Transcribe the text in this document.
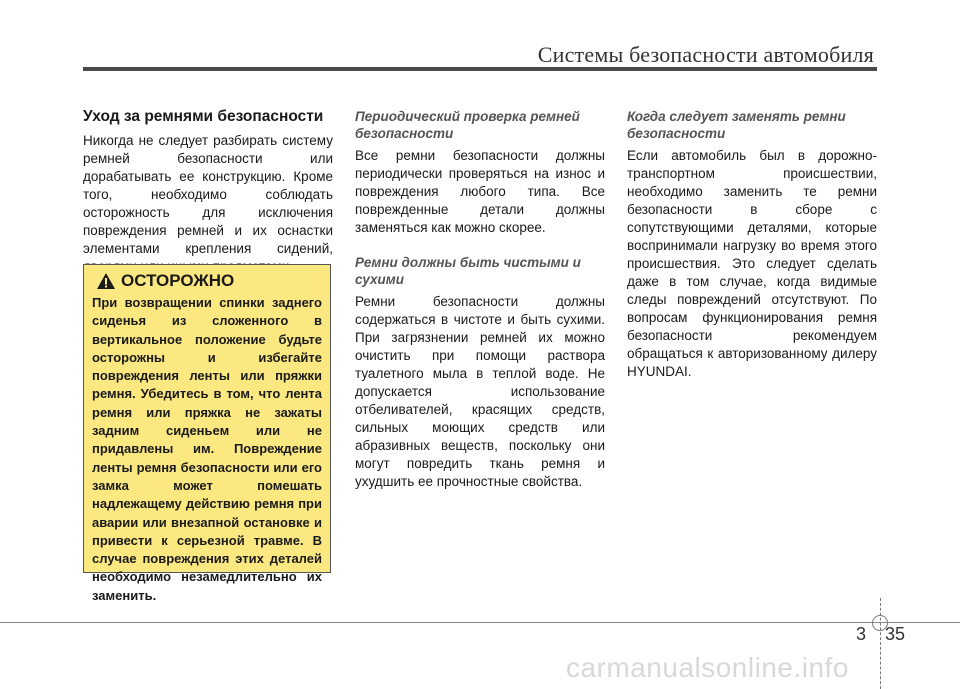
Системы безопасности автомобиля
Уход за ремнями безопасности

Никогда не следует разбирать систему ремней безопасности или дорабатывать ее конструкцию. Кроме того, необходимо соблюдать осторожность для исключения повреждения ремней и их оснастки элементами крепления сидений,

ОСТОРОЖНО

При возвращении спинки заднего сиденья из сложенного в вертикальное положение будьте осторожны и избегайте повреждения ленты или пряжки ремня. Убедитесь в том, что лента ремня или пряжка не зажаты задним сиденьем или не придавлены им. Повреждение ленты ремня безопасности или его замка может помешать надлежащему действию ремня при аварии или внезапной остановке и привести к серьезной травме. В случае повреждения этих деталей необходимо незамедлительно их заменить.

Периодический проверка ремней безопасности

Все ремни безопасности должны периодически проверяться на износ и повреждения любого типа. Все поврежденные детали должны заменяться как можно скорее.

Ремни должны быть чистыми и сухими

Ремни безопасности должны содержаться в чистоте и быть сухими. При загрязнении ремней их можно очистить при помощи раствора туалетного мыла в теплой воде. Не допускается использование отбеливателей, красящих средств, сильных моющих средств или абразивных веществ, поскольку они могут повредить ткань ремня и ухудшить ее прочностные свойства.

Когда следует заменять ремни безопасности

Если автомобиль был в дорожно-транспортном происшествии, необходимо заменить те ремни безопасности в сборе с сопутствующими деталями, которые воспринимали нагрузку во время этого происшествия. Это следует сделать даже в том случае, когда видимые следы повреждений отсутствуют. По вопросам функционирования ремня безопасности рекомендуем обращаться к авторизованному дилеру HYUNDAI.

3 35
carmanualsonline.info
